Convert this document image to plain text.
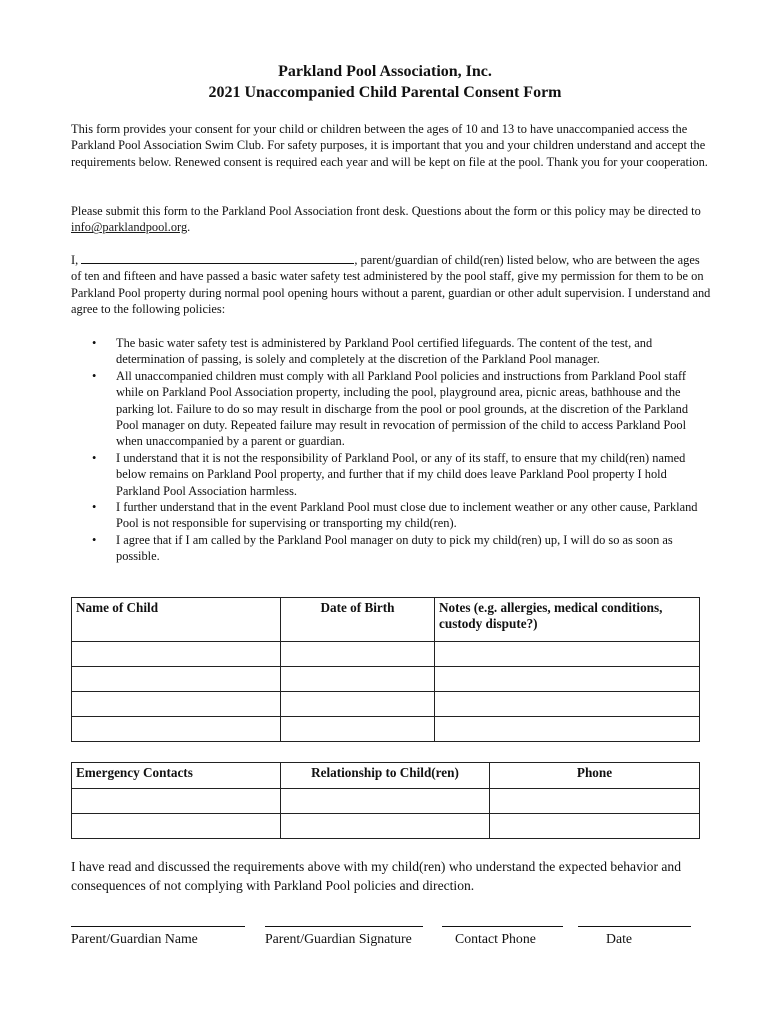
Parkland Pool Association, Inc.
2021 Unaccompanied Child Parental Consent Form

This form provides your consent for your child or children between the ages of 10 and 13 to have unaccompanied access the Parkland Pool Association Swim Club. For safety purposes, it is important that you and your children understand and accept the requirements below. Renewed consent is required each year and will be kept on file at the pool. Thank you for your cooperation.

Please submit this form to the Parkland Pool Association front desk. Questions about the form or this policy may be directed to info@parklandpool.org.

I,	, parent/guardian of child(ren) listed below, who are between the ages of ten and fifteen and have passed a basic water safety test administered by the pool staff, give my permission for them to be on Parkland Pool property during normal pool opening hours without a parent, guardian or other adult supervision. I understand and agree to the following policies:

• The basic water safety test is administered by Parkland Pool certified lifeguards. The content of the test, and determination of passing, is solely and completely at the discretion of the Parkland Pool manager.
• All unaccompanied children must comply with all Parkland Pool policies and instructions from Parkland Pool staff while on Parkland Pool Association property, including the pool, playground area, picnic areas, bathhouse and the parking lot. Failure to do so may result in discharge from the pool or pool grounds, at the discretion of the Parkland Pool manager on duty. Repeated failure may result in revocation of permission of the child to access Parkland Pool when unaccompanied by a parent or guardian.
• I understand that it is not the responsibility of Parkland Pool, or any of its staff, to ensure that my child(ren) named below remains on Parkland Pool property, and further that if my child does leave Parkland Pool property I hold Parkland Pool Association harmless.
• I further understand that in the event Parkland Pool must close due to inclement weather or any other cause, Parkland Pool is not responsible for supervising or transporting my child(ren).
• I agree that if I am called by the Parkland Pool manager on duty to pick my child(ren) up, I will do so as soon as possible.
Name of Child	Date of Birth	Notes (e.g. allergies, medical conditions, custody dispute?)

Emergency Contacts	Relationship to Child(ren)	Phone

I have read and discussed the requirements above with my child(ren) who understand the expected behavior and consequences of not complying with Parkland Pool policies and direction.
Parent/Guardian Name	Parent/Guardian Signature	Contact Phone	Date
